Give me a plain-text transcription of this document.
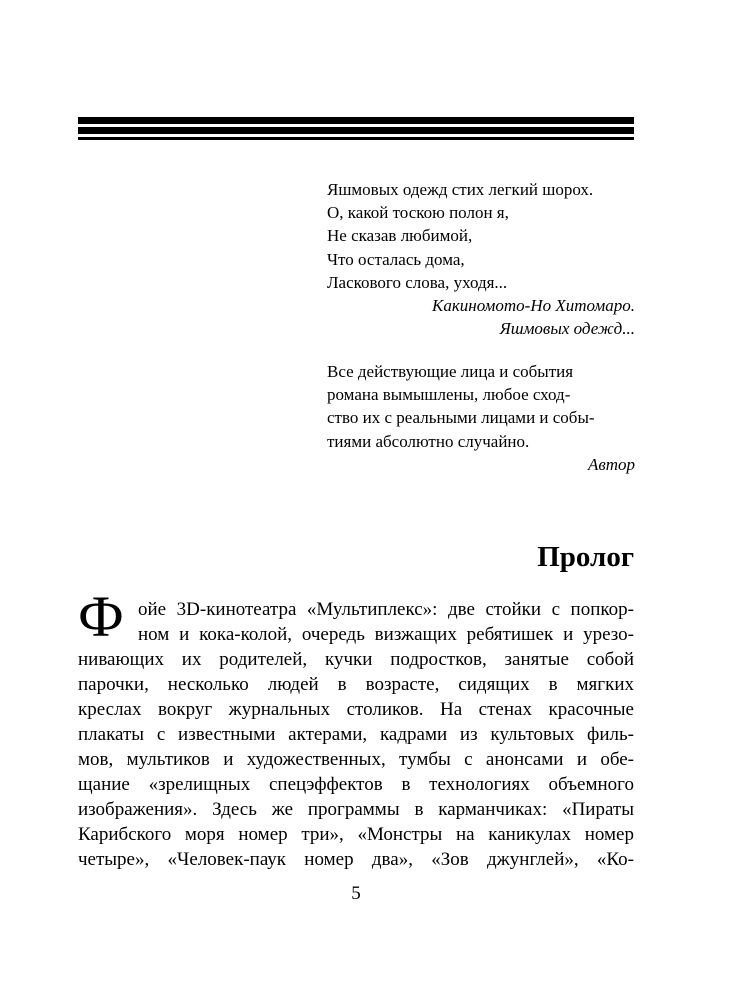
Яшмовых одежд стих легкий шорох.
О, какой тоскою полон я,
Не сказав любимой,
Что осталась дома,
Ласкового слова, уходя...
Какиномото-Но Хитомаро.
Яшмовых одежд...
Все действующие лица и события
романа вымышлены, любое сход-
ство их с реальными лицами и собы-
тиями абсолютно случайно.
Автор
Пролог
Ф ойе 3D-кинотеатра «Мультиплекс»: две стойки с попкор-
ном и кока-колой, очередь визжащих ребятишек и урезо-
нивающих их родителей, кучки подростков, занятые собой
парочки, несколько людей в возрасте, сидящих в мягких
креслах вокруг журнальных столиков. На стенах красочные
плакаты с известными актерами, кадрами из культовых филь-
мов, мультиков и художественных, тумбы с анонсами и обе-
щание «зрелищных спецэффектов в технологиях объемного
изображения». Здесь же программы в карманчиках: «Пираты
Карибского моря номер три», «Монстры на каникулах номер
четыре», «Человек-паук номер два», «Зов джунглей», «Ко-
5
